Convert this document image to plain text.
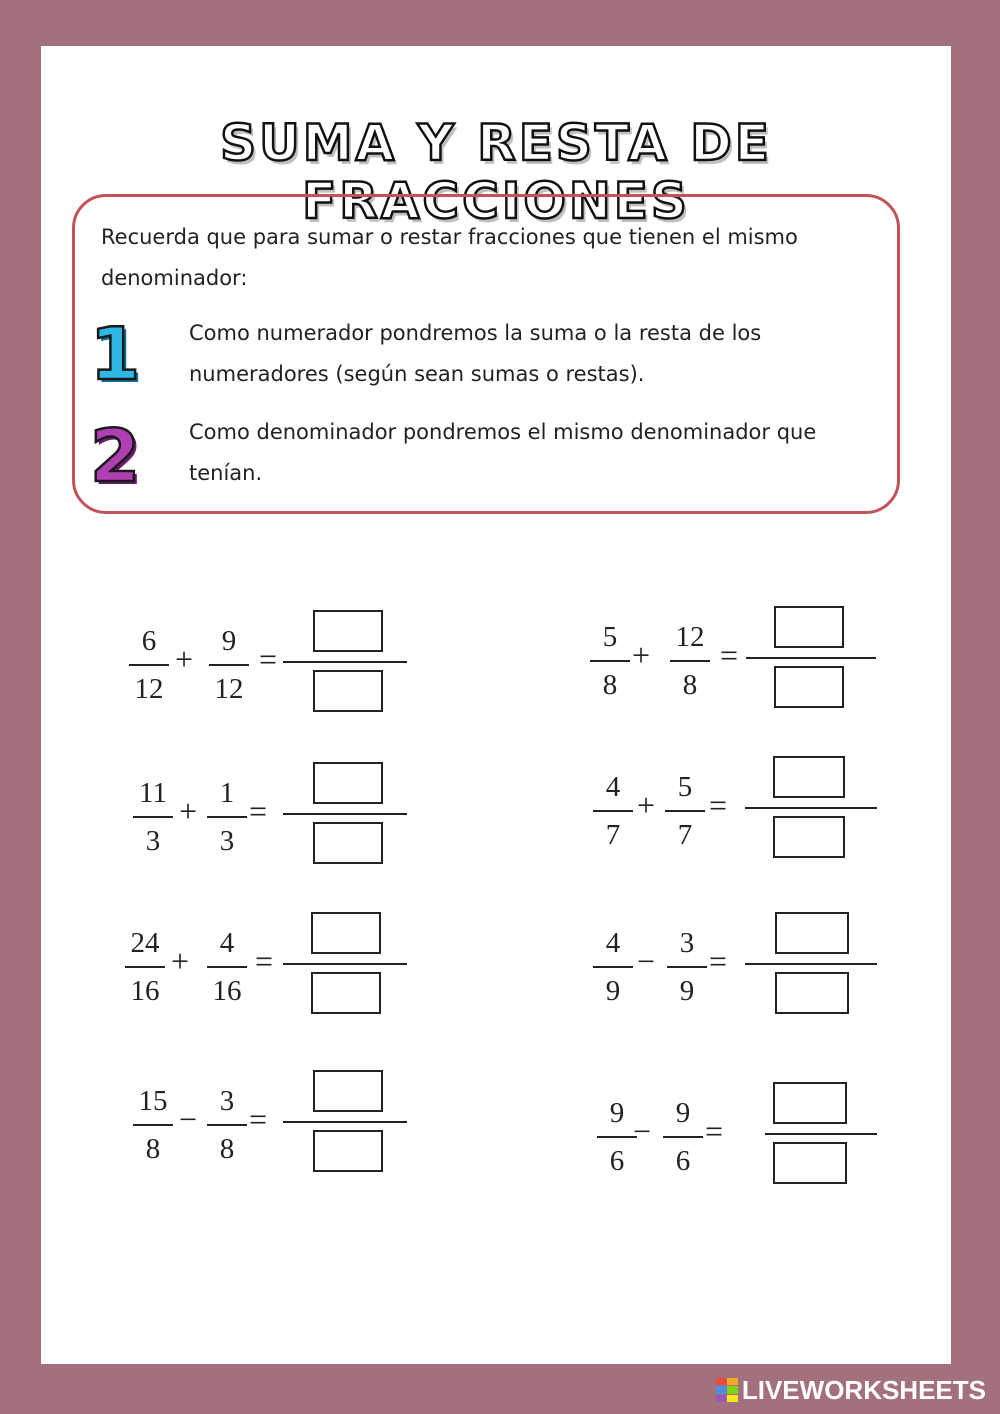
SUMA Y RESTA DE FRACCIONES
Recuerda que para sumar o restar fracciones que tienen el mismo denominador:
1 Como numerador pondremos la suma o la resta de los numeradores (según sean sumas o restas).
2 Como denominador pondremos el mismo denominador que tenían.
6
12
+ 9
12
=
5
8
+ 12
8
=
11
3
+ 1
3
=
4
7
+ 5
7
=
24
16
+	4
16
=	4
9
− 3
9
=
15
8
− 3
8
=	9
6
− 9
6
=
LIVEWORKSHEETS
